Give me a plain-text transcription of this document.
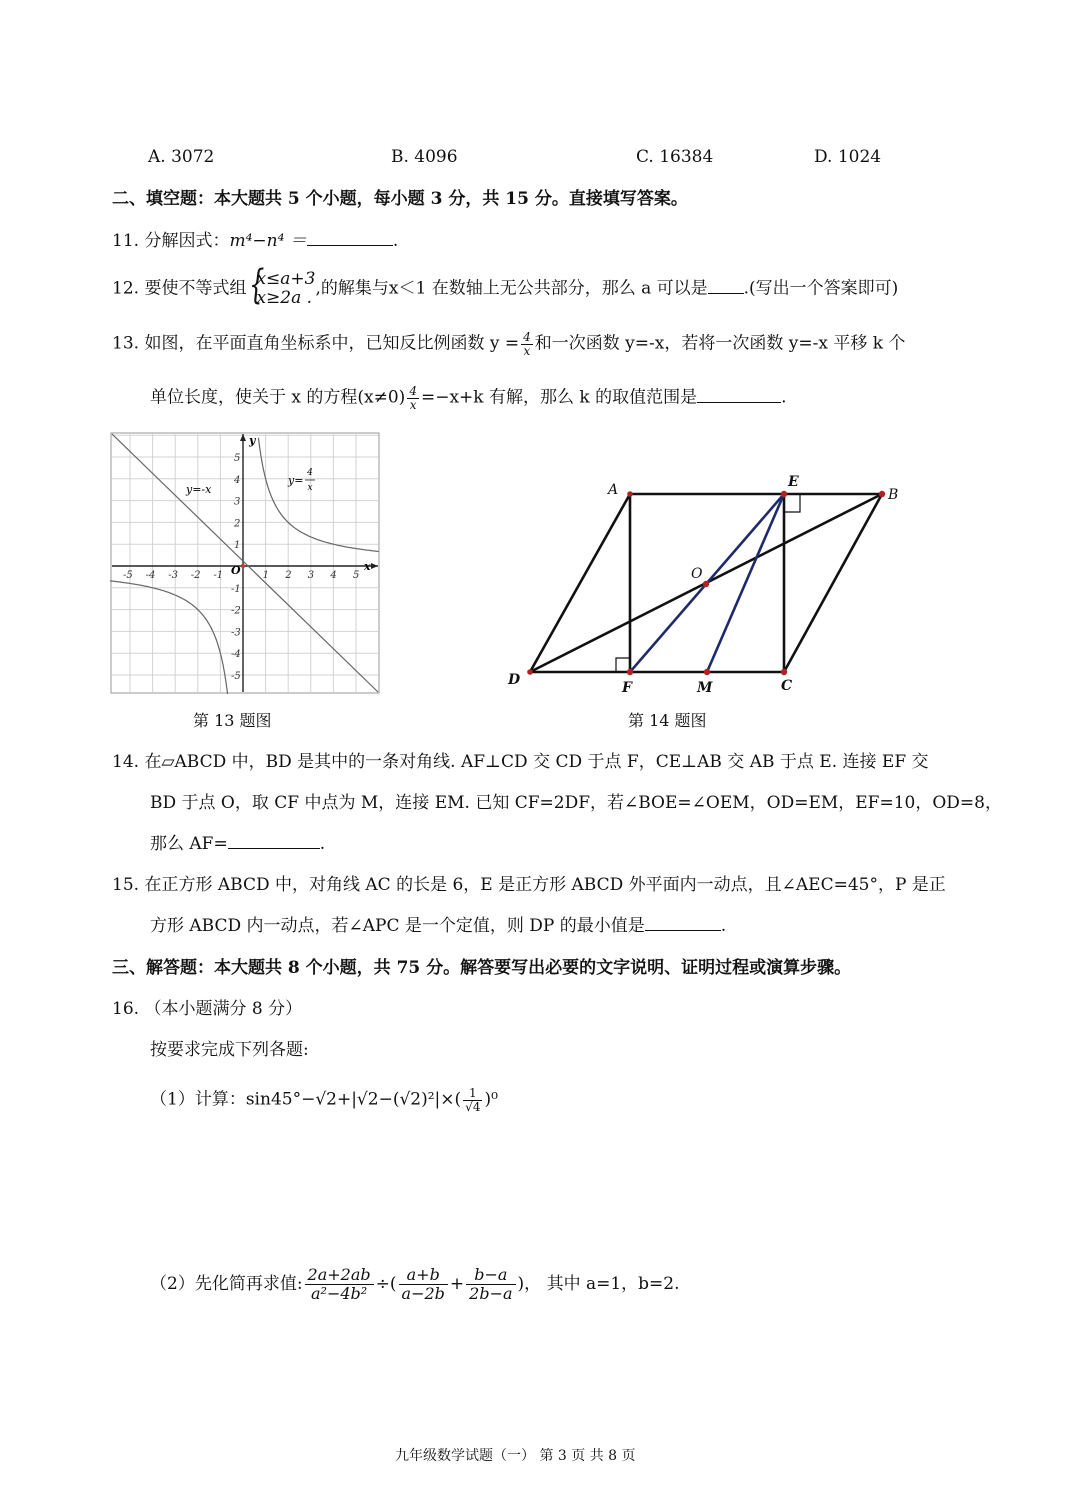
A. 3072	B. 4096	C. 16384	D. 1024
二、填空题：本大题共 5 个小题，每小题 3 分，共 15 分。直接填写答案。
11. 分解因式：m⁴−n⁴ ＝	.
12. 要使不等式组
{ x≤a+3
x≥2a . ,的解集与x＜1 在数轴上无公共部分，那么 a 可以是 .(写出一个答案即可)
13. 如图，在平面直角坐标系中，已知反比例函数 $y = \frac{4}{x}$ 和一次函数 y=-x，若将一次函数 y=-x 平移 k 个
单位长度，使关于 x 的方程$(x\ne 0) \frac{4}{x} =-x+k$ 有解，那么 k 的取值范围是	.
y=-x
y=
4
x
y
x
O
-5 -4 -3 -2 -1	1 2 3 4 5
5
4
3
2
1
-1
-2
-3
-4
-5
第 13 题图
A	E
B
O
D	F	M	C
第 14 题图
14. 在▱ABCD 中，BD 是其中的一条对角线. AF⊥CD 交 CD 于点 F，CE⊥AB 交 AB 于点 E. 连接 EF 交
BD 于点 O，取 CF 中点为 M，连接 EM. 已知 CF=2DF，若∠BOE=∠OEM，OD=EM，EF=10，OD=8，
那么 AF=	.
15. 在正方形 ABCD 中，对角线 AC 的长是 6，E 是正方形 ABCD 外平面内一动点，且∠AEC=45°，P 是正
方形 ABCD 内一动点，若∠APC 是一个定值，则 DP 的最小值是	.
三、解答题：本大题共 8 个小题，共 75 分。解答要写出必要的文字说明、证明过程或演算步骤。
16. （本小题满分 8 分）
按要求完成下列各题:
（1）计算：$\sin 45^\circ-√2+|√2-(√2)^2|\times( \frac{1}{√4} )^0$
（2）先化简再求值: $\frac{2a+2ab}{\text{a²−4b²}}$ ÷( $\frac{a+b}{a-2b} + \frac{b-a}{2b-a}$ )， 其中 a=1，b=2.
九年级数学试题（一） 第 3 页 共 8 页
